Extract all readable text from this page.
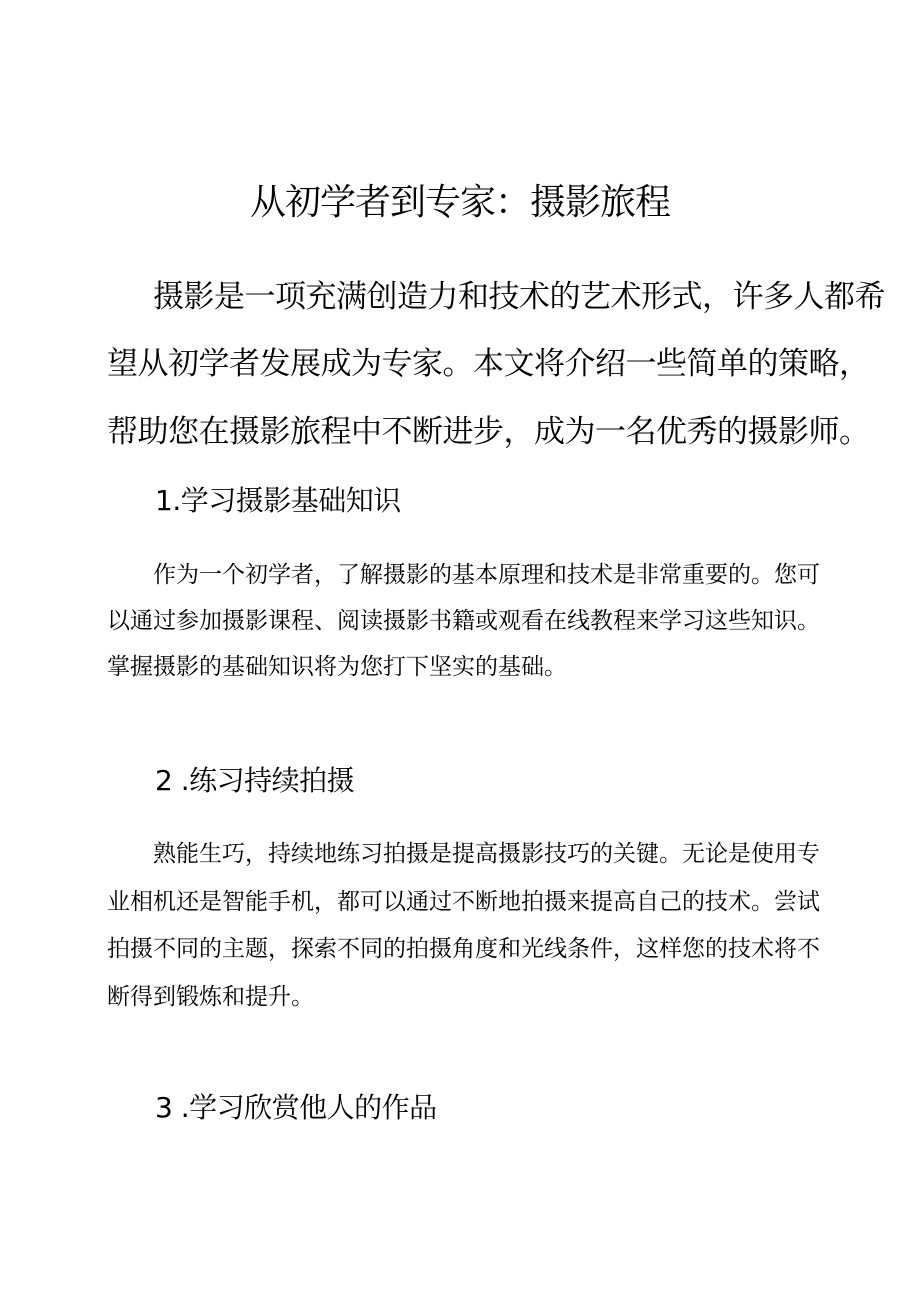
从初学者到专家：摄影旅程
摄影是一项充满创造力和技术的艺术形式，许多人都希
望从初学者发展成为专家。本文将介绍一些简单的策略，
帮助您在摄影旅程中不断进步，成为一名优秀的摄影师。
1.学习摄影基础知识
作为一个初学者，了解摄影的基本原理和技术是非常重要的。您可
以通过参加摄影课程、阅读摄影书籍或观看在线教程来学习这些知识。
掌握摄影的基础知识将为您打下坚实的基础。
2 .练习持续拍摄
熟能生巧，持续地练习拍摄是提高摄影技巧的关键。无论是使用专
业相机还是智能手机，都可以通过不断地拍摄来提高自己的技术。尝试
拍摄不同的主题，探索不同的拍摄角度和光线条件，这样您的技术将不
断得到锻炼和提升。
3 .学习欣赏他人的作品
